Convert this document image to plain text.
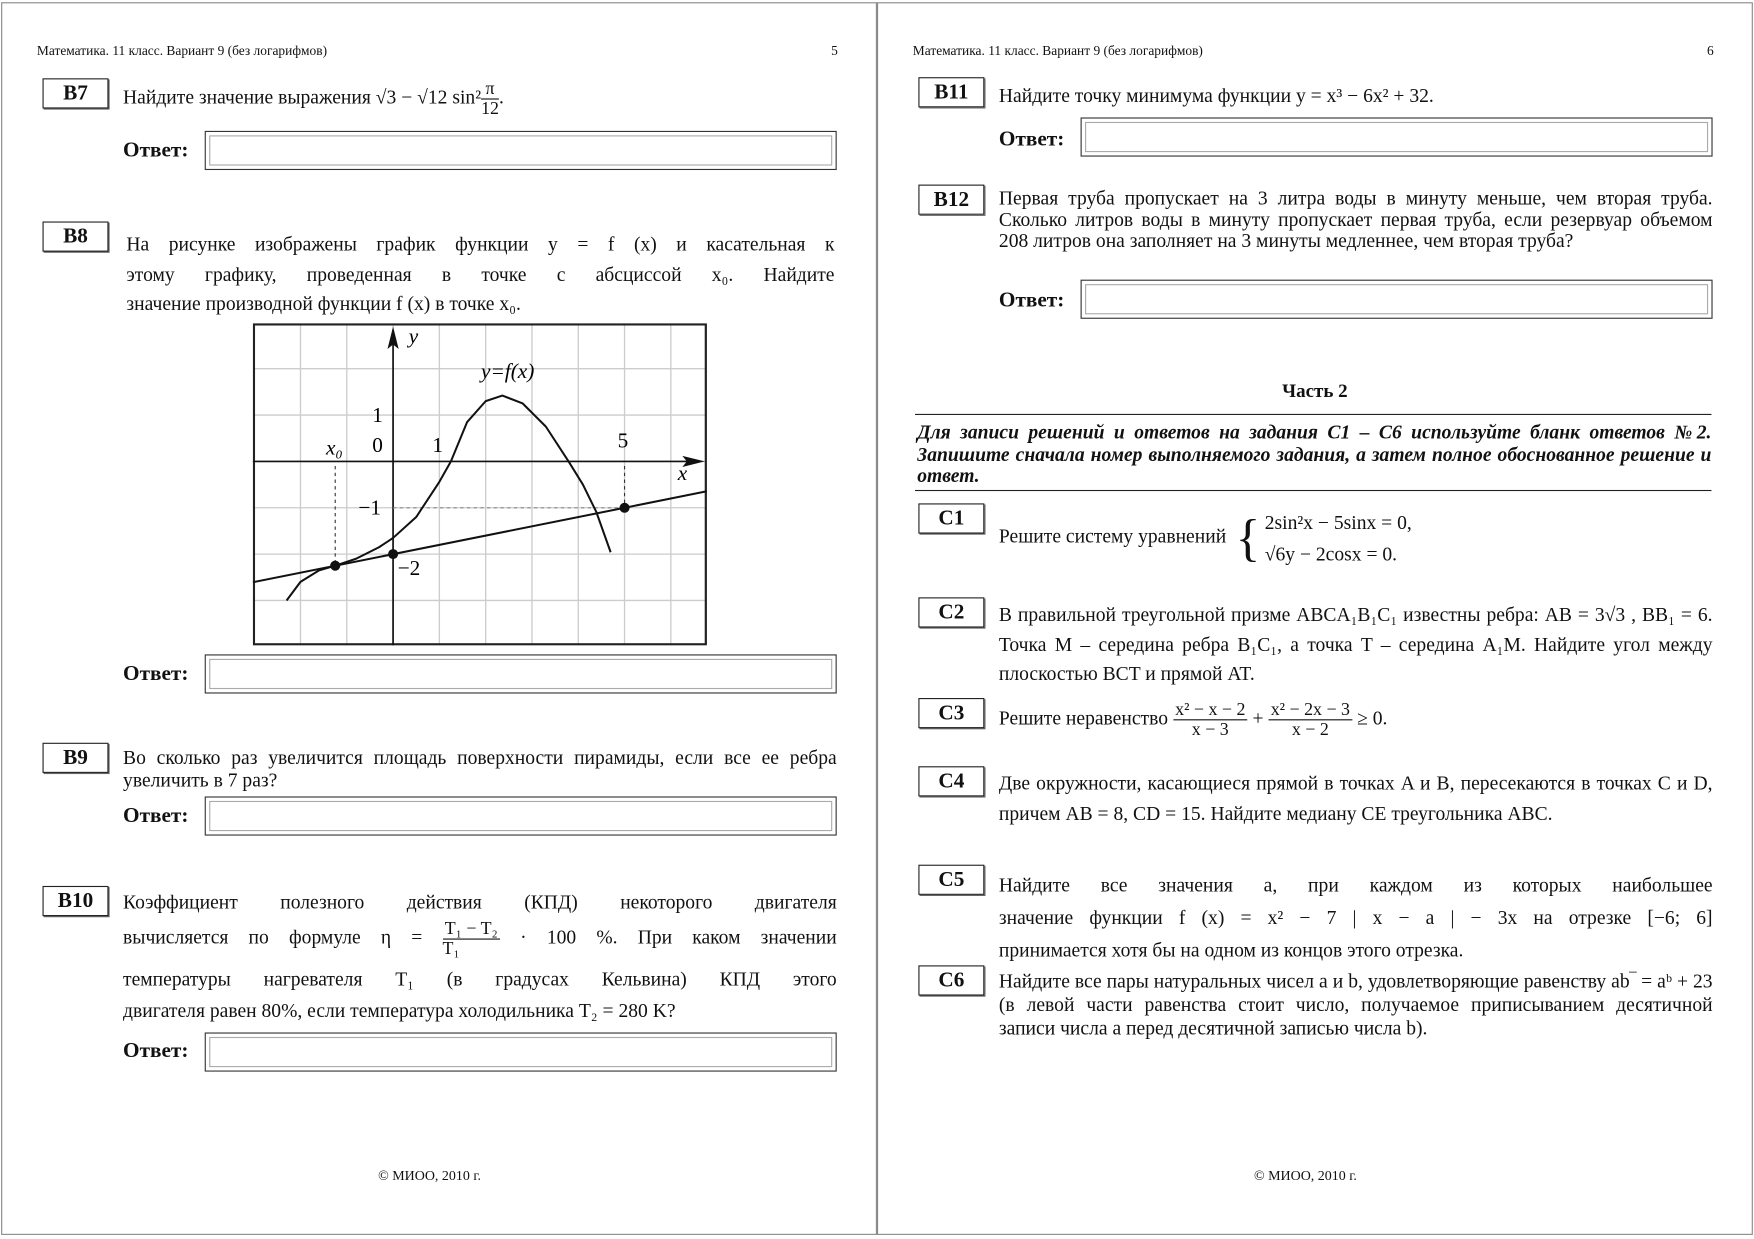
Математика. 11 класс. Вариант 9 (без логарифмов)	5
B7	Найдите значение выражения √3 − √12 $\sin^2 \frac{\pi}{12}$ .
Ответ:
B8	На рисунке изображены график функции y = f (x) и касательная к
этому графику, проведенная в точке с абсциссой x₀. Найдите
значение производной функции f (x) в точке x₀.
y
x
y=f(x)
0	1	5
1
−1
−2
x₀
Ответ:
B9	Во сколько раз увеличится площадь поверхности пирамиды, если все ее ребра увеличить в 7 раз?
Ответ:
B10	Коэффициент полезного действия (КПД) некоторого двигателя
вычисляется по формуле $\eta = \frac{\text{T₁ − T₂}}{\text{T₁}} \cdot 100$ %. При каком значении
температуры нагревателя T₁ (в градусах Кельвина) КПД этого
двигателя равен 80%, если температура холодильника T₂ = 280 K?
Ответ:
© МИОО, 2010 г.
Математика. 11 класс. Вариант 9 (без логарифмов)	6
B11	Найдите точку минимума функции y = x³ − 6x² + 32.
Ответ:
B12	Первая труба пропускает на 3 литра воды в минуту меньше, чем вторая труба. Сколько литров воды в минуту пропускает первая труба, если резервуар объемом 208 литров она заполняет на 3 минуты медленнее, чем вторая труба?
Ответ:
Часть 2
Для записи решений и ответов на задания С1 – С6 используйте бланк ответов №2. Запишите сначала номер выполняемого задания, а затем полное обоснованное решение и ответ.
C1
Решите систему уравнений { 2sin²x − 5sinx = 0,
√6y − 2cosx = 0.
C2	В правильной треугольной призме ABCA₁B₁C₁ известны ребра: AB = 3√3 , BB₁ = 6. Точка M – середина ребра B₁C₁, а точка T – середина A₁M. Найдите угол между плоскостью BCT и прямой AT.
C3	Решите неравенство $\frac{\text{x² − x − 2}}{x - 3} + \frac{\text{x² − 2x − 3}}{x - 2} \ge 0$.
C4	Две окружности, касающиеся прямой в точках A и B, пересекаются в точках C и D, причем AB = 8, CD = 15. Найдите медиану CE треугольника ABC.
C5	Найдите все значения a, при каждом из которых наибольшее
значение функции f (x) = x² − 7 | x − a | − 3x на отрезке [−6; 6]
принимается хотя бы на одном из концов этого отрезка.
C6	Найдите все пары натуральных чисел a и b, удовлетворяющие равенству ab‾ = aᵇ + 23 (в левой части равенства стоит число, получаемое приписыванием десятичной записи числа a перед десятичной записью числа b).
© МИОО, 2010 г.
